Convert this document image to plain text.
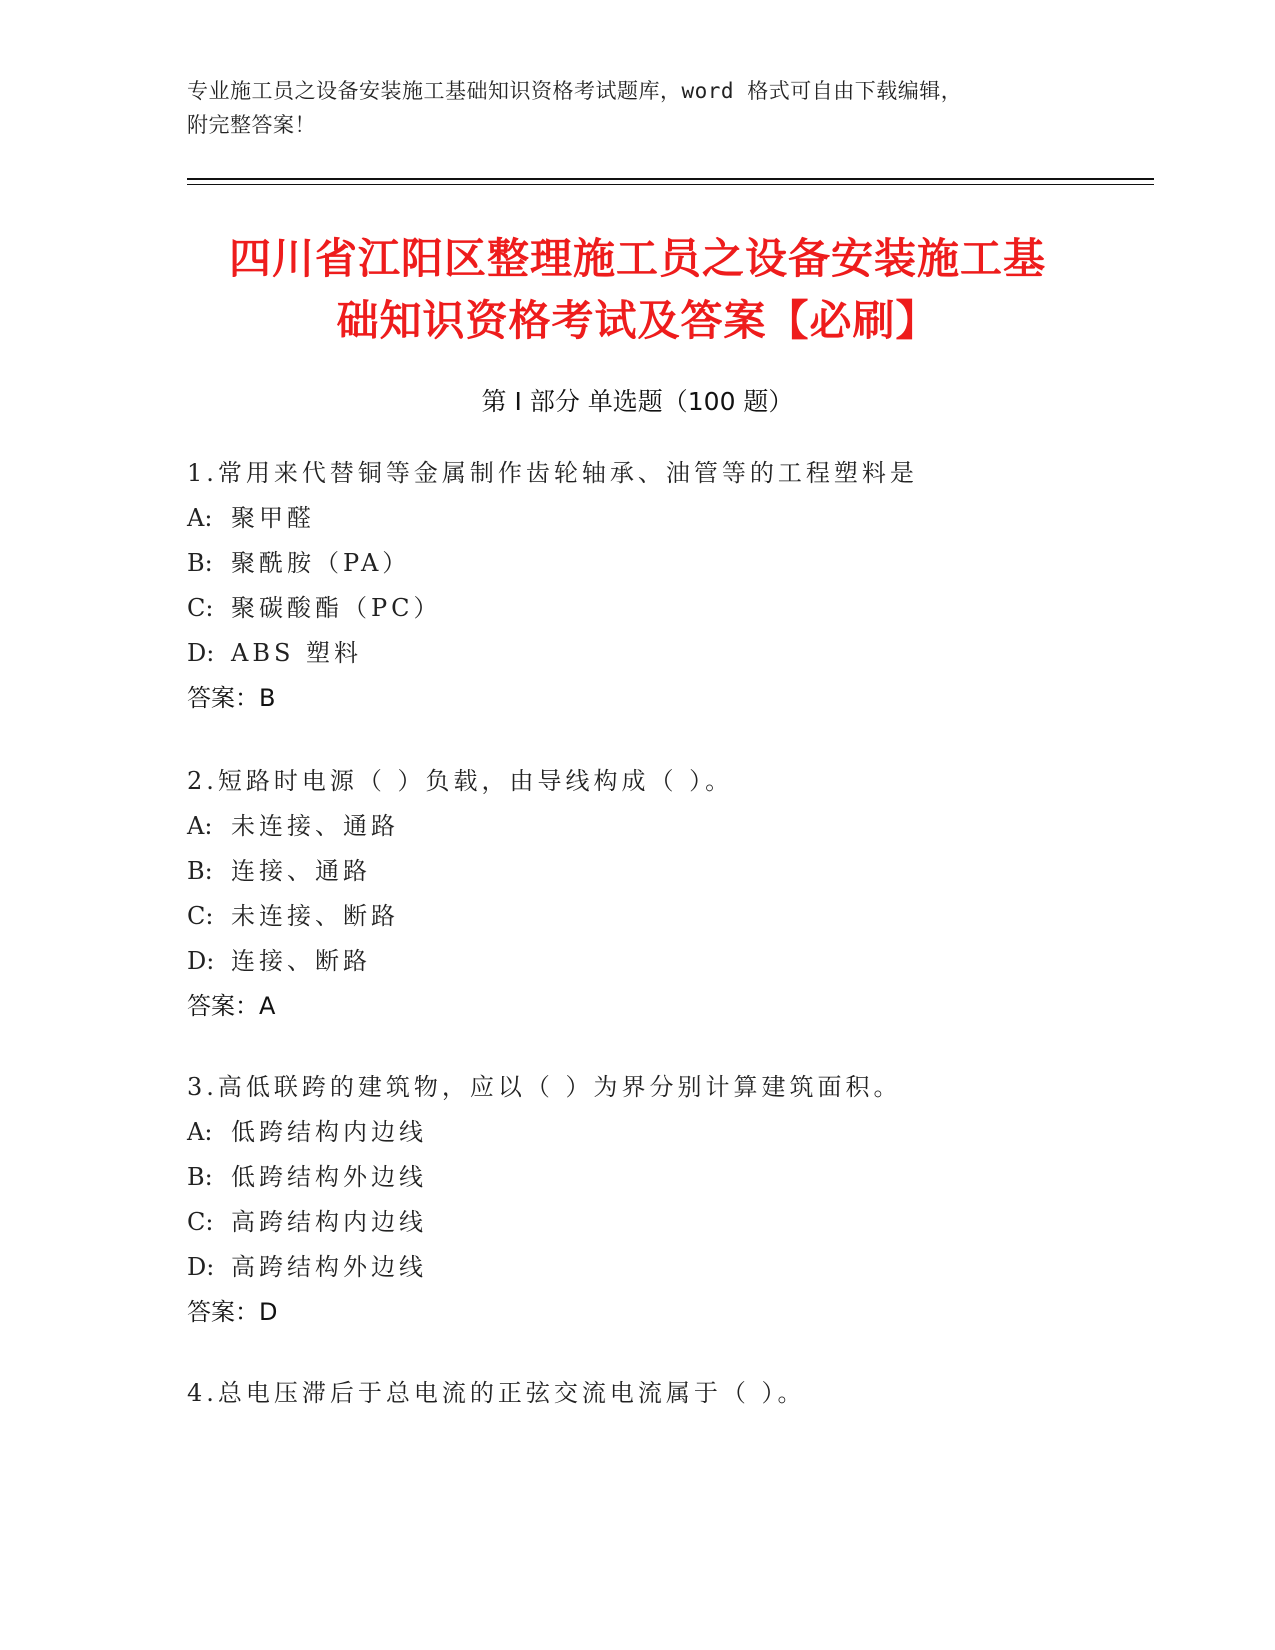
专业施工员之设备安装施工基础知识资格考试题库，word 格式可自由下载编辑，
附完整答案！
四川省江阳区整理施工员之设备安装施工基
础知识资格考试及答案【必刷】
第 I 部分 单选题（100 题）
1.常用来代替铜等金属制作齿轮轴承、油管等的工程塑料是
A: 聚甲醛
B: 聚酰胺（PA）
C: 聚碳酸酯（PC）
D: ABS 塑料
答案：B
2.短路时电源（ ）负载，由导线构成（ ）。
A: 未连接、通路
B: 连接、通路
C: 未连接、断路
D: 连接、断路
答案：A
3.高低联跨的建筑物，应以（ ）为界分别计算建筑面积。
A: 低跨结构内边线
B: 低跨结构外边线
C: 高跨结构内边线
D: 高跨结构外边线
答案：D
4.总电压滞后于总电流的正弦交流电流属于（ ）。
